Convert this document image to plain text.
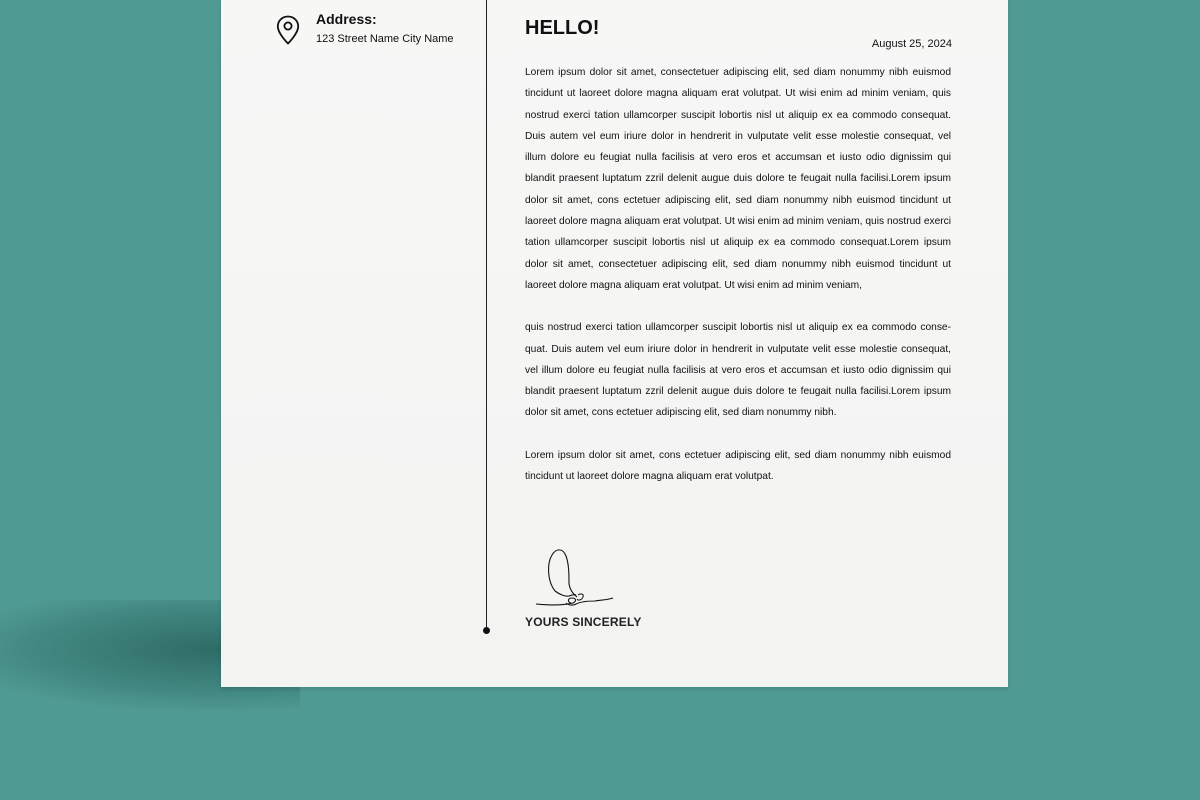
Address:
123 Street Name City Name	HELLO!
August 25, 2024

Lorem ipsum dolor sit amet, consectetuer adipiscing elit, sed diam nonummy nibh euismod tincidunt ut laoreet dolore magna aliquam erat volutpat. Ut wisi enim ad minim veniam, quis nostrud exerci tation ullamcorper suscipit lobortis nisl ut aliquip ex ea commodo consequat. Duis autem vel eum iriure dolor in hendrerit in vulputate velit esse molestie consequat, vel illum dolore eu feugiat nulla facilisis at vero eros et accumsan et iusto odio dignissim qui blandit praesent luptatum zzril delenit augue duis dolore te feugait nulla facilisi.Lorem ipsum dolor sit amet, cons ectetuer adipiscing elit, sed diam nonummy nibh euismod tincidunt ut laoreet dolore magna aliquam erat volutpat. Ut wisi enim ad minim veniam, quis nostrud exerci tation ullamcorper suscipit lobortis nisl ut aliquip ex ea commodo consequat.Lorem ipsum dolor sit amet, consectetuer adipiscing elit, sed diam nonummy nibh euismod tincidunt ut laoreet dolore magna aliquam erat volutpat. Ut wisi enim ad minim veniam,

quis nostrud exerci tation ullamcorper suscipit lobortis nisl ut aliquip ex ea commodo conse-quat. Duis autem vel eum iriure dolor in hendrerit in vulputate velit esse molestie consequat, vel illum dolore eu feugiat nulla facilisis at vero eros et accumsan et iusto odio dignissim qui blandit praesent luptatum zzril delenit augue duis dolore te feugait nulla facilisi.Lorem ipsum dolor sit amet, cons ectetuer adipiscing elit, sed diam nonummy nibh.

Lorem ipsum dolor sit amet, cons ectetuer adipiscing elit, sed diam nonummy nibh euismod tincidunt ut laoreet dolore magna aliquam erat volutpat.

YOURS SINCERELY
